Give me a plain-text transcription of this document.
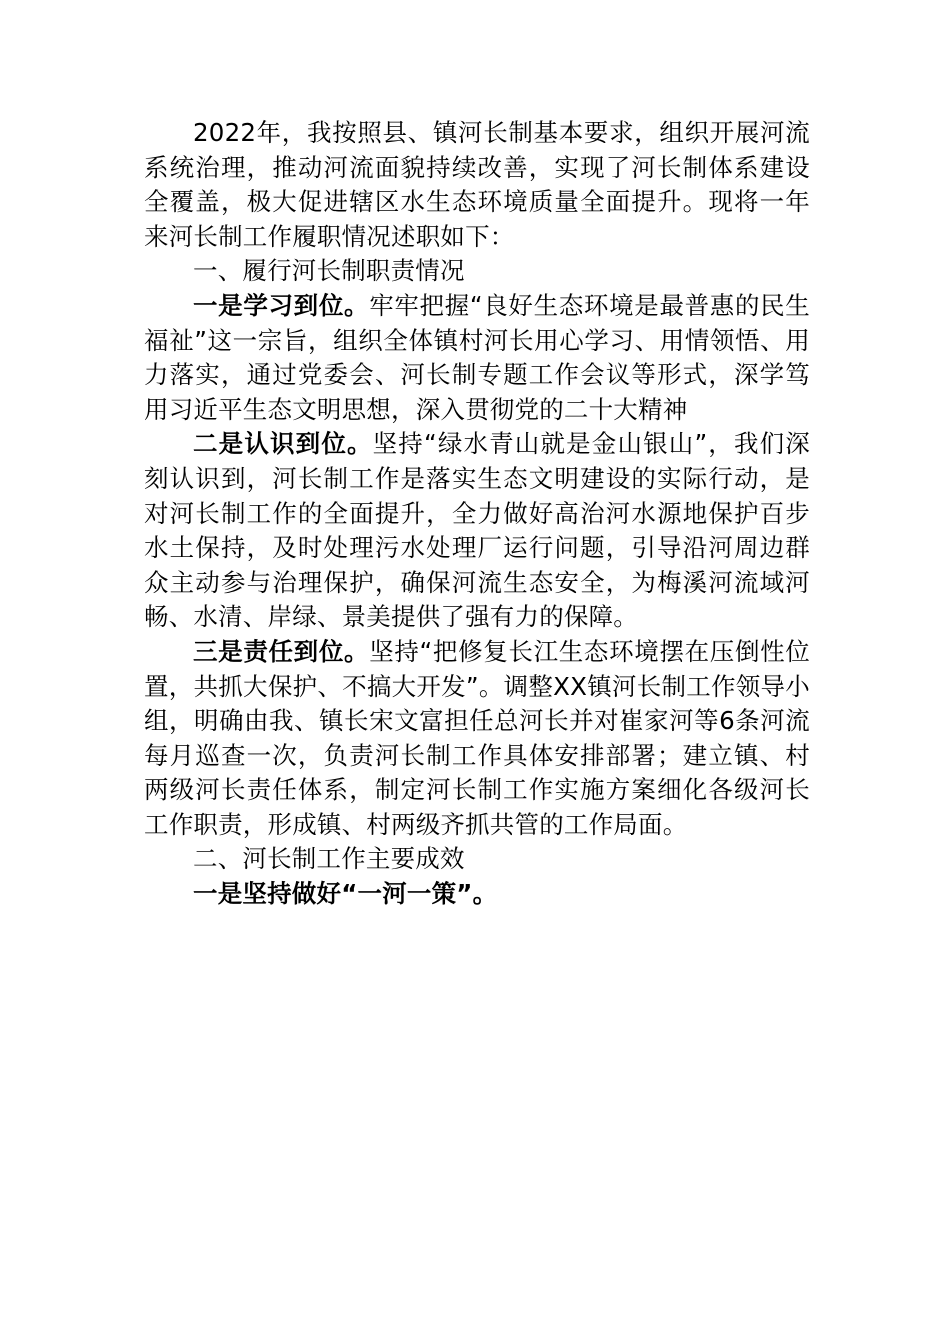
2022年，我按照县、镇河长制基本要求，组织开展河流系统治理，推动河流面貌持续改善，实现了河长制体系建设全覆盖，极大促进辖区水生态环境质量全面提升。现将一年来河长制工作履职情况述职如下：

一、履行河长制职责情况

一是学习到位。牢牢把握“良好生态环境是最普惠的民生福祉”这一宗旨，组织全体镇村河长用心学习、用情领悟、用力落实，通过党委会、河长制专题工作会议等形式，深学笃用习近平生态文明思想，深入贯彻党的二十大精神

二是认识到位。坚持“绿水青山就是金山银山”，我们深刻认识到，河长制工作是落实生态文明建设的实际行动，是对河长制工作的全面提升，全力做好高治河水源地保护百步水土保持，及时处理污水处理厂运行问题，引导沿河周边群众主动参与治理保护，确保河流生态安全，为梅溪河流域河畅、水清、岸绿、景美提供了强有力的保障。

三是责任到位。坚持“把修复长江生态环境摆在压倒性位置，共抓大保护、不搞大开发”。调整XX镇河长制工作领导小组，明确由我、镇长宋文富担任总河长并对崔家河等6条河流每月巡查一次，负责河长制工作具体安排部署；建立镇、村两级河长责任体系，制定河长制工作实施方案细化各级河长工作职责，形成镇、村两级齐抓共管的工作局面。

二、河长制工作主要成效

一是坚持做好“一河一策”。
